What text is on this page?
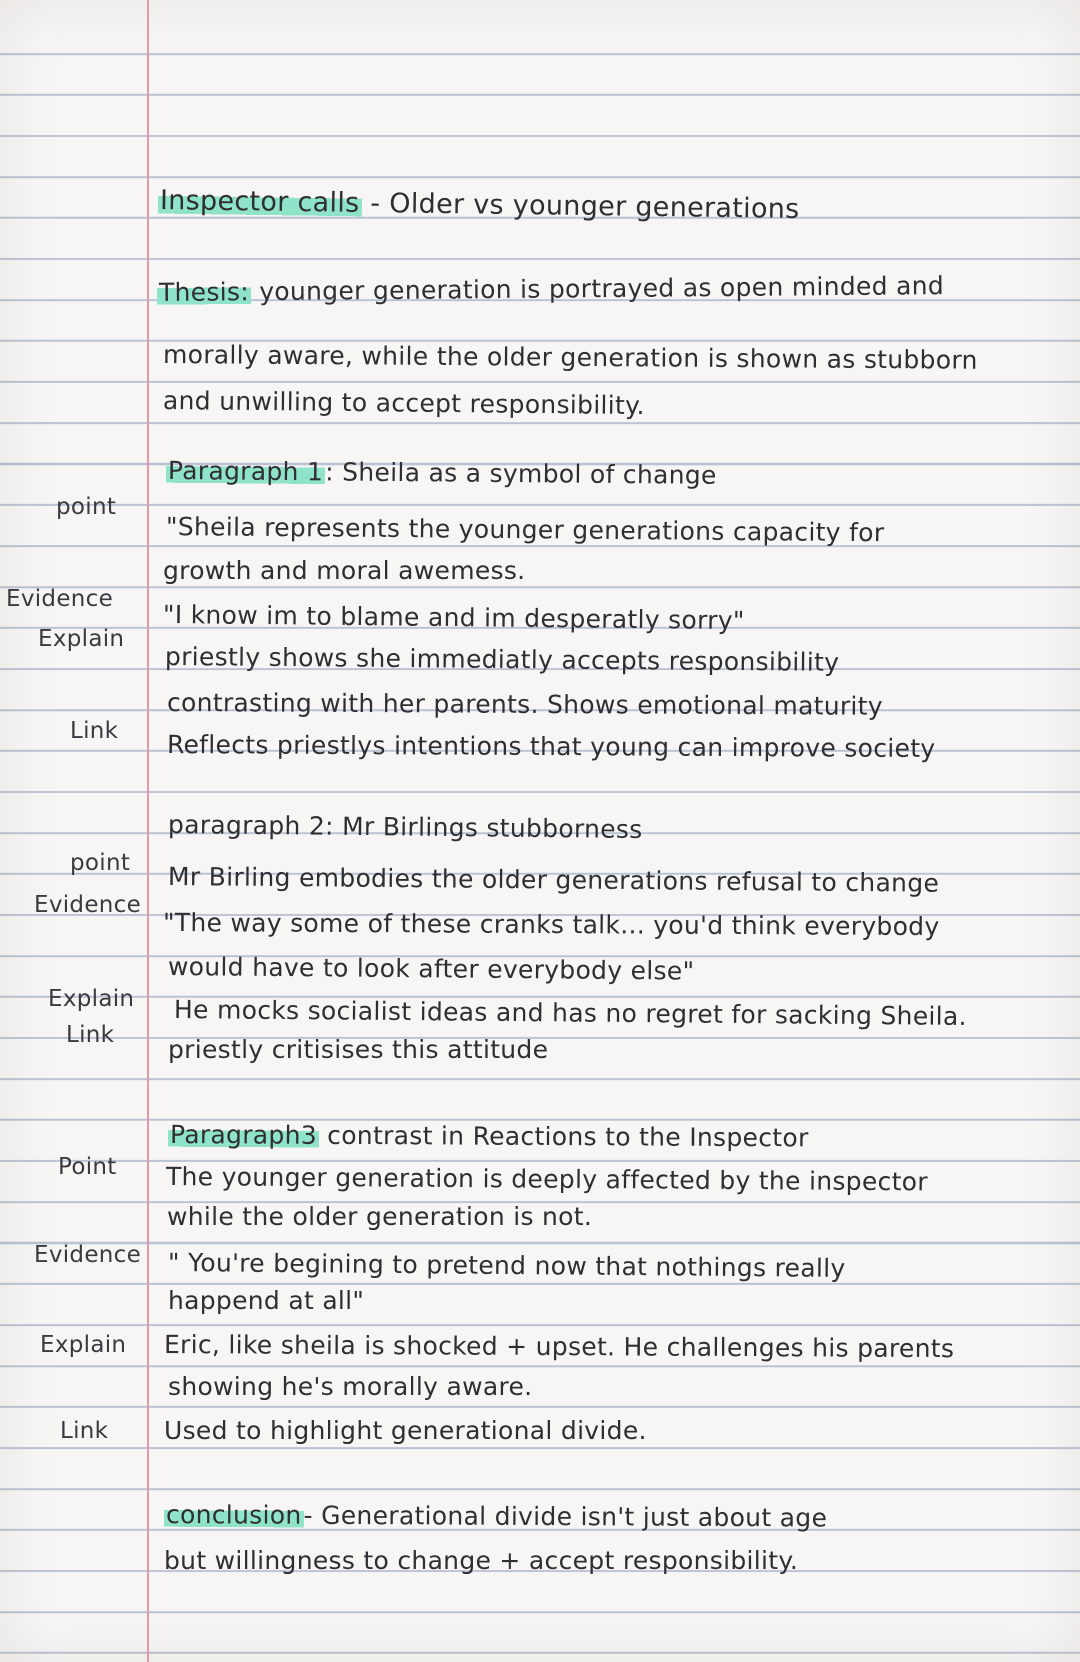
Inspector calls - Older vs younger generations
Thesis: younger generation is portrayed as open minded and
morally aware, while the older generation is shown as stubborn
and unwilling to accept responsibility.
Paragraph 1: Sheila as a symbol of change
point
"Sheila represents the younger generations capacity for
growth and moral awemess.
Evidence
"I know im to blame and im desperatly sorry"
Explain
priestly shows she immediatly accepts responsibility
contrasting with her parents. Shows emotional maturity
Link Reflects priestlys intentions that young can improve society
paragraph 2: Mr Birlings stubborness
point Mr Birling embodies the older generations refusal to change
Evidence
"The way some of these cranks talk... you'd think everybody
would have to look after everybody else"
Explain He mocks socialist ideas and has no regret for sacking Sheila.
Link priestly critisises this attitude
Paragraph3 contrast in Reactions to the Inspector
Point The younger generation is deeply affected by the inspector
while the older generation is not.
Evidence " You're begining to pretend now that nothings really
happend at all"
Explain Eric, like sheila is shocked + upset. He challenges his parents
showing he's morally aware.
Link Used to highlight generational divide.
conclusion- Generational divide isn't just about age
but willingness to change + accept responsibility.
